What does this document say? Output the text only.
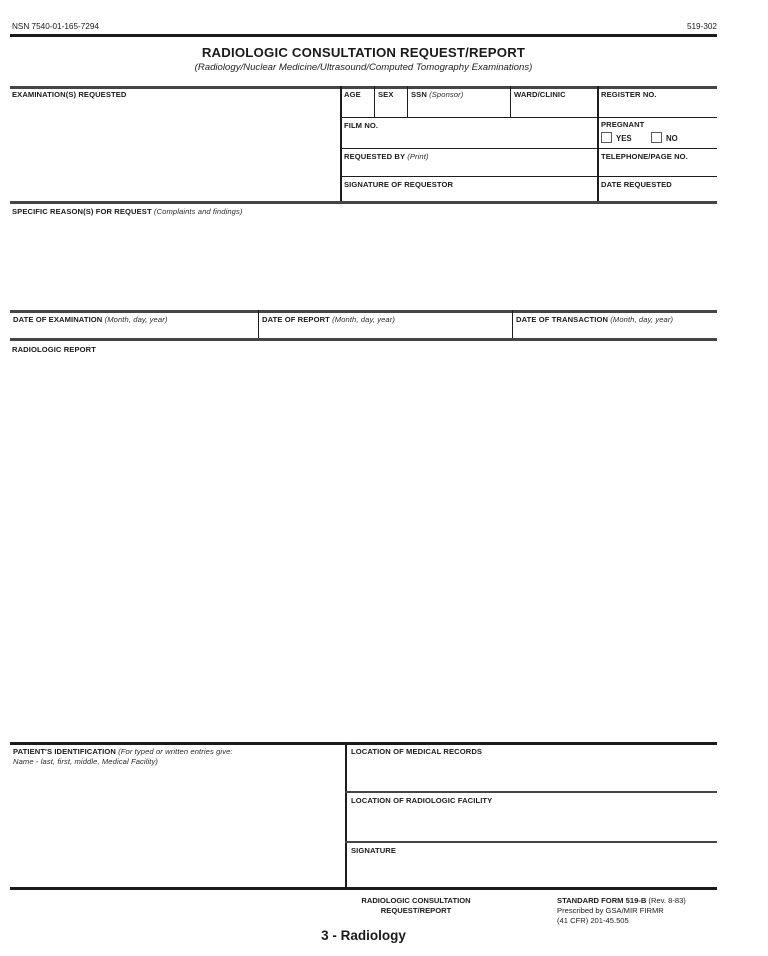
NSN 7540-01-165-7294	519-302
RADIOLOGIC CONSULTATION REQUEST/REPORT
(Radiology/Nuclear Medicine/Ultrasound/Computed Tomography Examinations)
EXAMINATION(S) REQUESTED	AGE SEX SSN (Sponsor)	WARD/CLINIC	REGISTER NO.
FILM NO.	PREGNANT
YES	NO
REQUESTED BY (Print)	TELEPHONE/PAGE NO.
SIGNATURE OF REQUESTOR	DATE REQUESTED
SPECIFIC REASON(S) FOR REQUEST (Complaints and findings)
DATE OF EXAMINATION (Month, day, year)	DATE OF REPORT (Month, day, year)	DATE OF TRANSACTION (Month, day, year)
RADIOLOGIC REPORT
PATIENT'S IDENTIFICATION (For typed or written entries give:
Name - last, first, middle, Medical Facility)
LOCATION OF MEDICAL RECORDS
LOCATION OF RADIOLOGIC FACILITY
SIGNATURE
RADIOLOGIC CONSULTATION
REQUEST/REPORT
STANDARD FORM 519-B (Rev. 8-83)
Prescribed by GSA/MIR FIRMR
(41 CFR) 201-45.505
3 - Radiology
